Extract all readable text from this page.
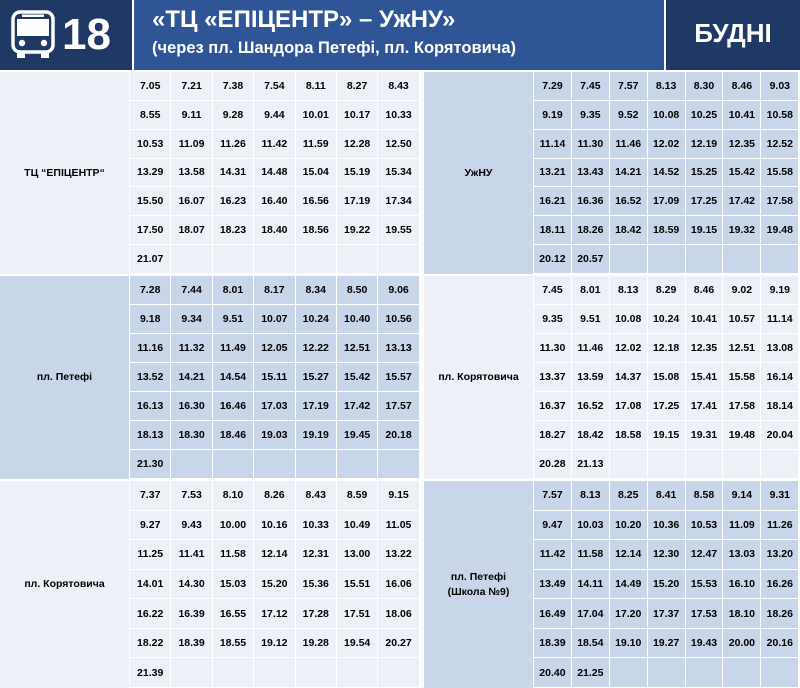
18 «ТЦ «ЕПІЦЕНТР» – УжНУ»
(через пл. Шандора Петефі, пл. Корятовича)	БУДНІ
ТЦ “ЕПІЦЕНТР“
7.05	7.21	7.38	7.54	8.11	8.27	8.43
8.55	9.11	9.28	9.44	10.01	10.17	10.33
10.53	11.09	11.26	11.42	11.59	12.28	12.50
13.29	13.58	14.31	14.48	15.04	15.19	15.34
15.50	16.07	16.23	16.40	16.56	17.19	17.34
17.50	18.07	18.23	18.40	18.56	19.22	19.55
21.07
пл. Петефі
7.28	7.44	8.01	8.17	8.34	8.50	9.06
9.18	9.34	9.51	10.07	10.24	10.40	10.56
11.16	11.32	11.49	12.05	12.22	12.51	13.13
13.52	14.21	14.54	15.11	15.27	15.42	15.57
16.13	16.30	16.46	17.03	17.19	17.42	17.57
18.13	18.30	18.46	19.03	19.19	19.45	20.18
21.30
пл. Корятовича
7.37	7.53	8.10	8.26	8.43	8.59	9.15
9.27	9.43	10.00	10.16	10.33	10.49	11.05
11.25	11.41	11.58	12.14	12.31	13.00	13.22
14.01	14.30	15.03	15.20	15.36	15.51	16.06
16.22	16.39	16.55	17.12	17.28	17.51	18.06
18.22	18.39	18.55	19.12	19.28	19.54	20.27
21.39
УжНУ
7.29	7.45	7.57	8.13	8.30	8.46	9.03
9.19	9.35	9.52	10.08	10.25	10.41	10.58
11.14	11.30	11.46	12.02	12.19	12.35	12.52
13.21	13.43	14.21	14.52	15.25	15.42	15.58
16.21	16.36	16.52	17.09	17.25	17.42	17.58
18.11	18.26	18.42	18.59	19.15	19.32	19.48
20.12	20.57
пл. Корятовича
7.45	8.01	8.13	8.29	8.46	9.02	9.19
9.35	9.51	10.08	10.24	10.41	10.57	11.14
11.30	11.46	12.02	12.18	12.35	12.51	13.08
13.37	13.59	14.37	15.08	15.41	15.58	16.14
16.37	16.52	17.08	17.25	17.41	17.58	18.14
18.27	18.42	18.58	19.15	19.31	19.48	20.04
20.28	21.13
пл. Петефі
(Школа №9)
7.57	8.13	8.25	8.41	8.58	9.14	9.31
9.47	10.03	10.20	10.36	10.53	11.09	11.26
11.42	11.58	12.14	12.30	12.47	13.03	13.20
13.49	14.11	14.49	15.20	15.53	16.10	16.26
16.49	17.04	17.20	17.37	17.53	18.10	18.26
18.39	18.54	19.10	19.27	19.43	20.00	20.16
20.40	21.25
